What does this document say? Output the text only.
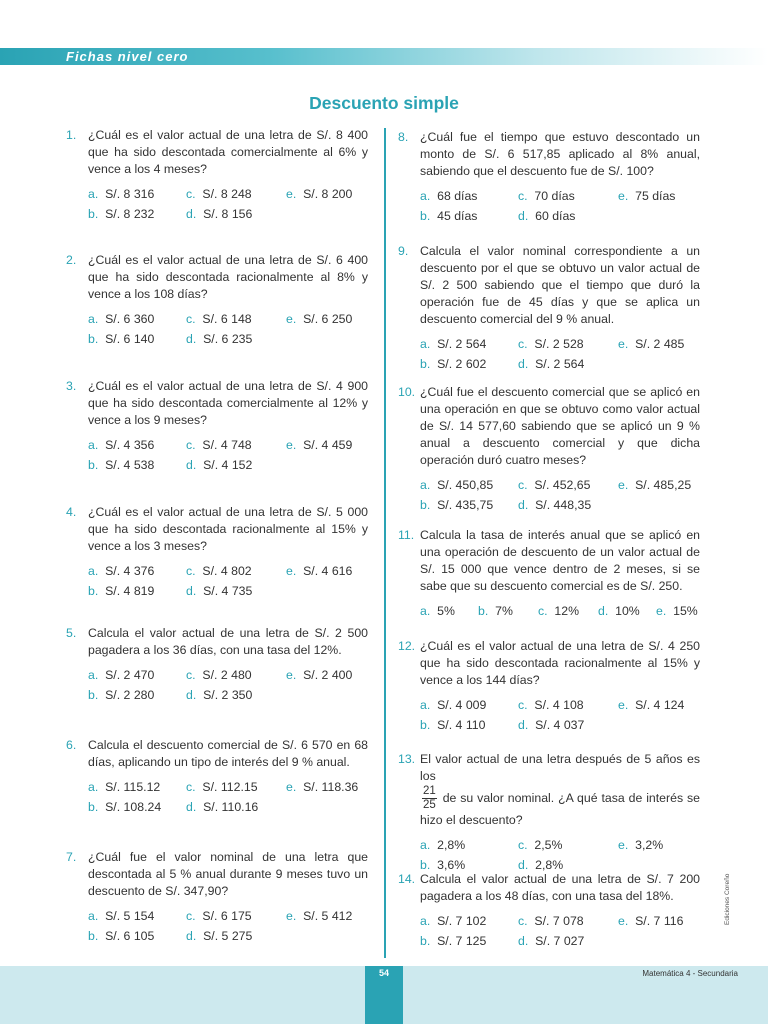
Fichas nivel cero
Descuento simple
1. ¿Cuál es el valor actual de una letra de S/. 8 400 que ha sido descontada comercialmente al 6% y vence a los 4 meses?
a. S/. 8 316
b. S/. 8 232
c. S/. 8 248
d. S/. 8 156
e. S/. 8 200
2. ¿Cuál es el valor actual de una letra de S/. 6 400 que ha sido descontada racionalmente al 8% y vence a los 108 días?
a. S/. 6 360
b. S/. 6 140
c. S/. 6 148
d. S/. 6 235
e. S/. 6 250
3. ¿Cuál es el valor actual de una letra de S/. 4 900 que ha sido descontada comercialmente al 12% y vence a los 9 meses?
a. S/. 4 356
b. S/. 4 538
c. S/. 4 748
d. S/. 4 152
e. S/. 4 459
4. ¿Cuál es el valor actual de una letra de S/. 5 000 que ha sido descontada racionalmente al 15% y vence a los 3 meses?
a. S/. 4 376
b. S/. 4 819
c. S/. 4 802
d. S/. 4 735
e. S/. 4 616
5. Calcula el valor actual de una letra de S/. 2 500 pagadera a los 36 días, con una tasa del 12%.
a. S/. 2 470
b. S/. 2 280
c. S/. 2 480
d. S/. 2 350
e. S/. 2 400
6. Calcula el descuento comercial de S/. 6 570 en 68 días, aplicando un tipo de interés del 9 % anual.
a. S/. 115.12
b. S/. 108.24
c. S/. 112.15
d. S/. 110.16
e. S/. 118.36
7. ¿Cuál fue el valor nominal de una letra que descontada al 5 % anual durante 9 meses tuvo un descuento de S/. 347,90?
a. S/. 5 154
b. S/. 6 105
c. S/. 6 175
d. S/. 5 275
e. S/. 5 412
8. ¿Cuál fue el tiempo que estuvo descontado un monto de S/. 6 517,85 aplicado al 8% anual, sabiendo que el descuento fue de S/. 100?
a. 68 días
b. 45 días
c. 70 días
d. 60 días
e. 75 días
9. Calcula el valor nominal correspondiente a un descuento por el que se obtuvo un valor actual de S/. 2 500 sabiendo que el tiempo que duró la operación fue de 45 días y que se aplica un descuento comercial del 9 % anual.
a. S/. 2 564
b. S/. 2 602
c. S/. 2 528
d. S/. 2 564
e. S/. 2 485
10. ¿Cuál fue el descuento comercial que se aplicó en una operación en que se obtuvo como valor actual de S/. 14 577,60 sabiendo que se aplicó un 9 % anual a descuento comercial y que dicha operación duró cuatro meses?
a. S/. 450,85
b. S/. 435,75
c. S/. 452,65
d. S/. 448,35
e. S/. 485,25
11. Calcula la tasa de interés anual que se aplicó en una operación de descuento de un valor actual de S/. 15 000 que vence dentro de 2 meses, si se sabe que su descuento comercial es de S/. 250.
a. 5% b. 7% c. 12% d. 10% e. 15%
12. ¿Cuál es el valor actual de una letra de S/. 4 250 que ha sido descontada racionalmente al 15% y vence a los 144 días?
a. S/. 4 009
b. S/. 4 110
c. S/. 4 108
d. S/. 4 037
e. S/. 4 124
13. El valor actual de una letra después de 5 años es los

$\frac{21}{25}$ de su valor nominal. ¿A qué tasa de interés se hizo el descuento?
a. 2,8%
b. 3,6%
c. 2,5%
d. 2,8%
e. 3,2%
14. Calcula el valor actual de una letra de S/. 7 200 pagadera a los 48 días, con una tasa del 18%.
a. S/. 7 102
b. S/. 7 125
c. S/. 7 078
d. S/. 7 027
e. S/. 7 116	Ediciones Coreño
54	Matemática 4 - Secundaria
